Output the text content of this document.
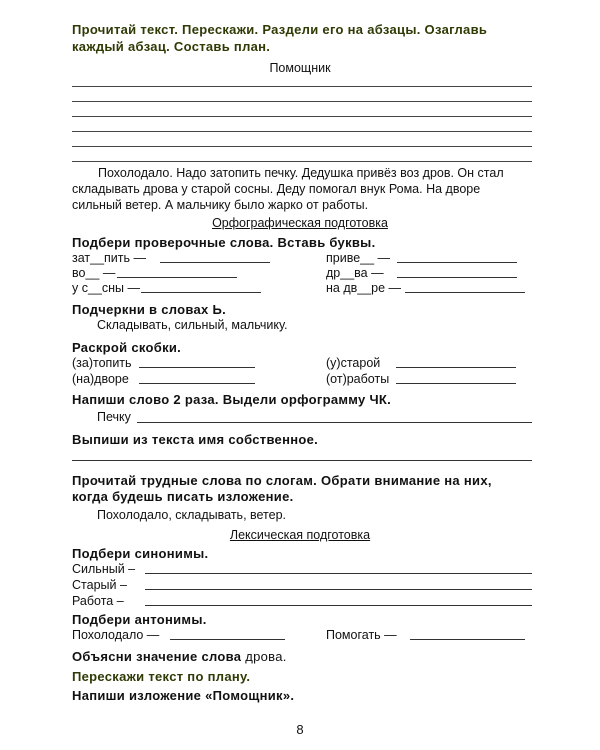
Прочитай текст. Перескажи. Раздели его на абзацы. Озаглавь
каждый абзац. Составь план.
Помощник
Похолодало. Надо затопить печку. Дедушка привёз воз дров. Он стал складывать дрова у старой сосны. Деду помогал внук Рома. На дворе сильный ветер. А мальчику было жарко от работы.
Орфографическая подготовка
Подбери проверочные слова. Вставь буквы.
зат__пить —	приве__ —
во__ —	др__ва —
у с__сны —	на дв__ре —
Подчеркни в словах Ь.
Складывать, сильный, мальчику.
Раскрой скобки.
(за)топить	(у)старой
(на)дворе	(от)работы
Напиши слово 2 раза. Выдели орфограмму ЧК.
Печку
Выпиши из текста имя собственное.
Прочитай трудные слова по слогам. Обрати внимание на них,
когда будешь писать изложение.
Похолодало, складывать, ветер.
Лексическая подготовка
Подбери синонимы.
Сильный –
Старый –
Работа –
Подбери антонимы.
Похолодало —	Помогать —
Объясни значение слова дрова.
Перескажи текст по плану.
Напиши изложение «Помощник».
8
